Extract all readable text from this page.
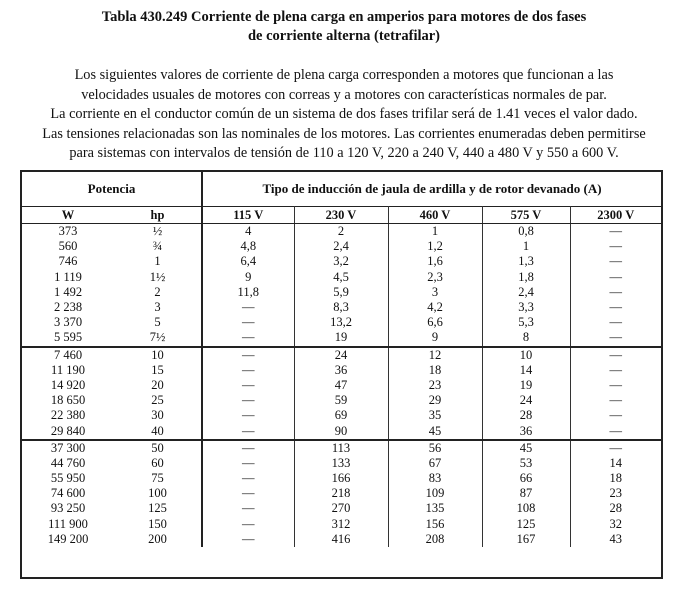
Tabla 430.249 Corriente de plena carga en amperios para motores de dos fases
de corriente alterna (tetrafilar)
Los siguientes valores de corriente de plena carga corresponden a motores que funcionan a las
velocidades usuales de motores con correas y a motores con características normales de par.
La corriente en el conductor común de un sistema de dos fases trifilar será de 1.41 veces el valor dado.
Las tensiones relacionadas son las nominales de los motores. Las corrientes enumeradas deben permitirse
para sistemas con intervalos de tensión de 110 a 120 V, 220 a 240 V, 440 a 480 V y 550 a 600 V.
Potencia		Tipo de inducción de jaula de ardilla y de rotor devanado (A)				
W	hp	115 V	230 V	460 V	575 V	2300 V
373	½	4	2	1	0,8	—
560	¾	4,8	2,4	1,2	1	—
746	1	6,4	3,2	1,6	1,3	—
1 119	1½	9	4,5	2,3	1,8	—
1 492	2	11,8	5,9	3	2,4	—
2 238	3	—	8,3	4,2	3,3	—
3 370	5	—	13,2	6,6	5,3	—
5 595	7½	—	19	9	8	—
7 460	10	—	24	12	10	—
11 190	15	—	36	18	14	—
14 920	20	—	47	23	19	—
18 650	25	—	59	29	24	—
22 380	30	—	69	35	28	—
29 840	40	—	90	45	36	—
37 300	50	—	113	56	45	—
44 760	60	—	133	67	53	14
55 950	75	—	166	83	66	18
74 600	100	—	218	109	87	23
93 250	125	—	270	135	108	28
111 900	150	—	312	156	125	32
149 200	200	—	416	208	167	43
